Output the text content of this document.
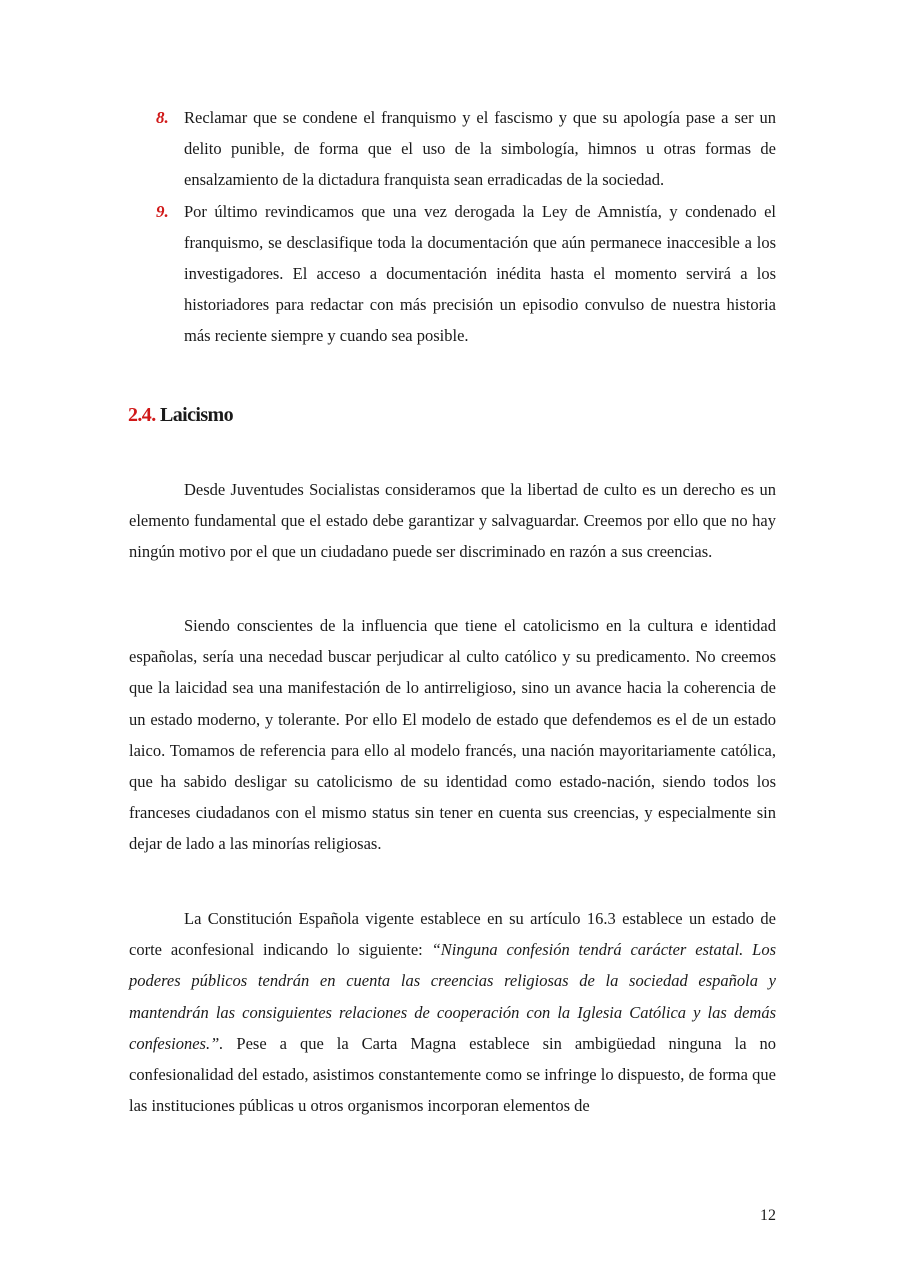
8. Reclamar que se condene el franquismo y el fascismo y que su apología pase a ser un delito punible, de forma que el uso de la simbología, himnos u otras formas de ensalzamiento de la dictadura franquista sean erradicadas de la sociedad.
9. Por último revindicamos que una vez derogada la Ley de Amnistía, y condenado el franquismo, se desclasifique toda la documentación que aún permanece inaccesible a los investigadores. El acceso a documentación inédita hasta el momento servirá a los historiadores para redactar con más precisión un episodio convulso de nuestra historia más reciente siempre y cuando sea posible.
2.4. Laicismo

Desde Juventudes Socialistas consideramos que la libertad de culto es un derecho es un elemento fundamental que el estado debe garantizar y salvaguardar. Creemos por ello que no hay ningún motivo por el que un ciudadano puede ser discriminado en razón a sus creencias.

Siendo conscientes de la influencia que tiene el catolicismo en la cultura e identidad españolas, sería una necedad buscar perjudicar al culto católico y su predicamento. No creemos que la laicidad sea una manifestación de lo antirreligioso, sino un avance hacia la coherencia de un estado moderno, y tolerante. Por ello El modelo de estado que defendemos es el de un estado laico. Tomamos de referencia para ello al modelo francés, una nación mayoritariamente católica, que ha sabido desligar su catolicismo de su identidad como estado-nación, siendo todos los franceses ciudadanos con el mismo status sin tener en cuenta sus creencias, y especialmente sin dejar de lado a las minorías religiosas.

La Constitución Española vigente establece en su artículo 16.3 establece un estado de corte aconfesional indicando lo siguiente: “Ninguna confesión tendrá carácter estatal. Los poderes públicos tendrán en cuenta las creencias religiosas de la sociedad española y mantendrán las consiguientes relaciones de cooperación con la Iglesia Católica y las demás confesiones.”. Pese a que la Carta Magna establece sin ambigüedad ninguna la no confesionalidad del estado, asistimos constantemente como se infringe lo dispuesto, de forma que las instituciones públicas u otros organismos incorporan elementos de

12
